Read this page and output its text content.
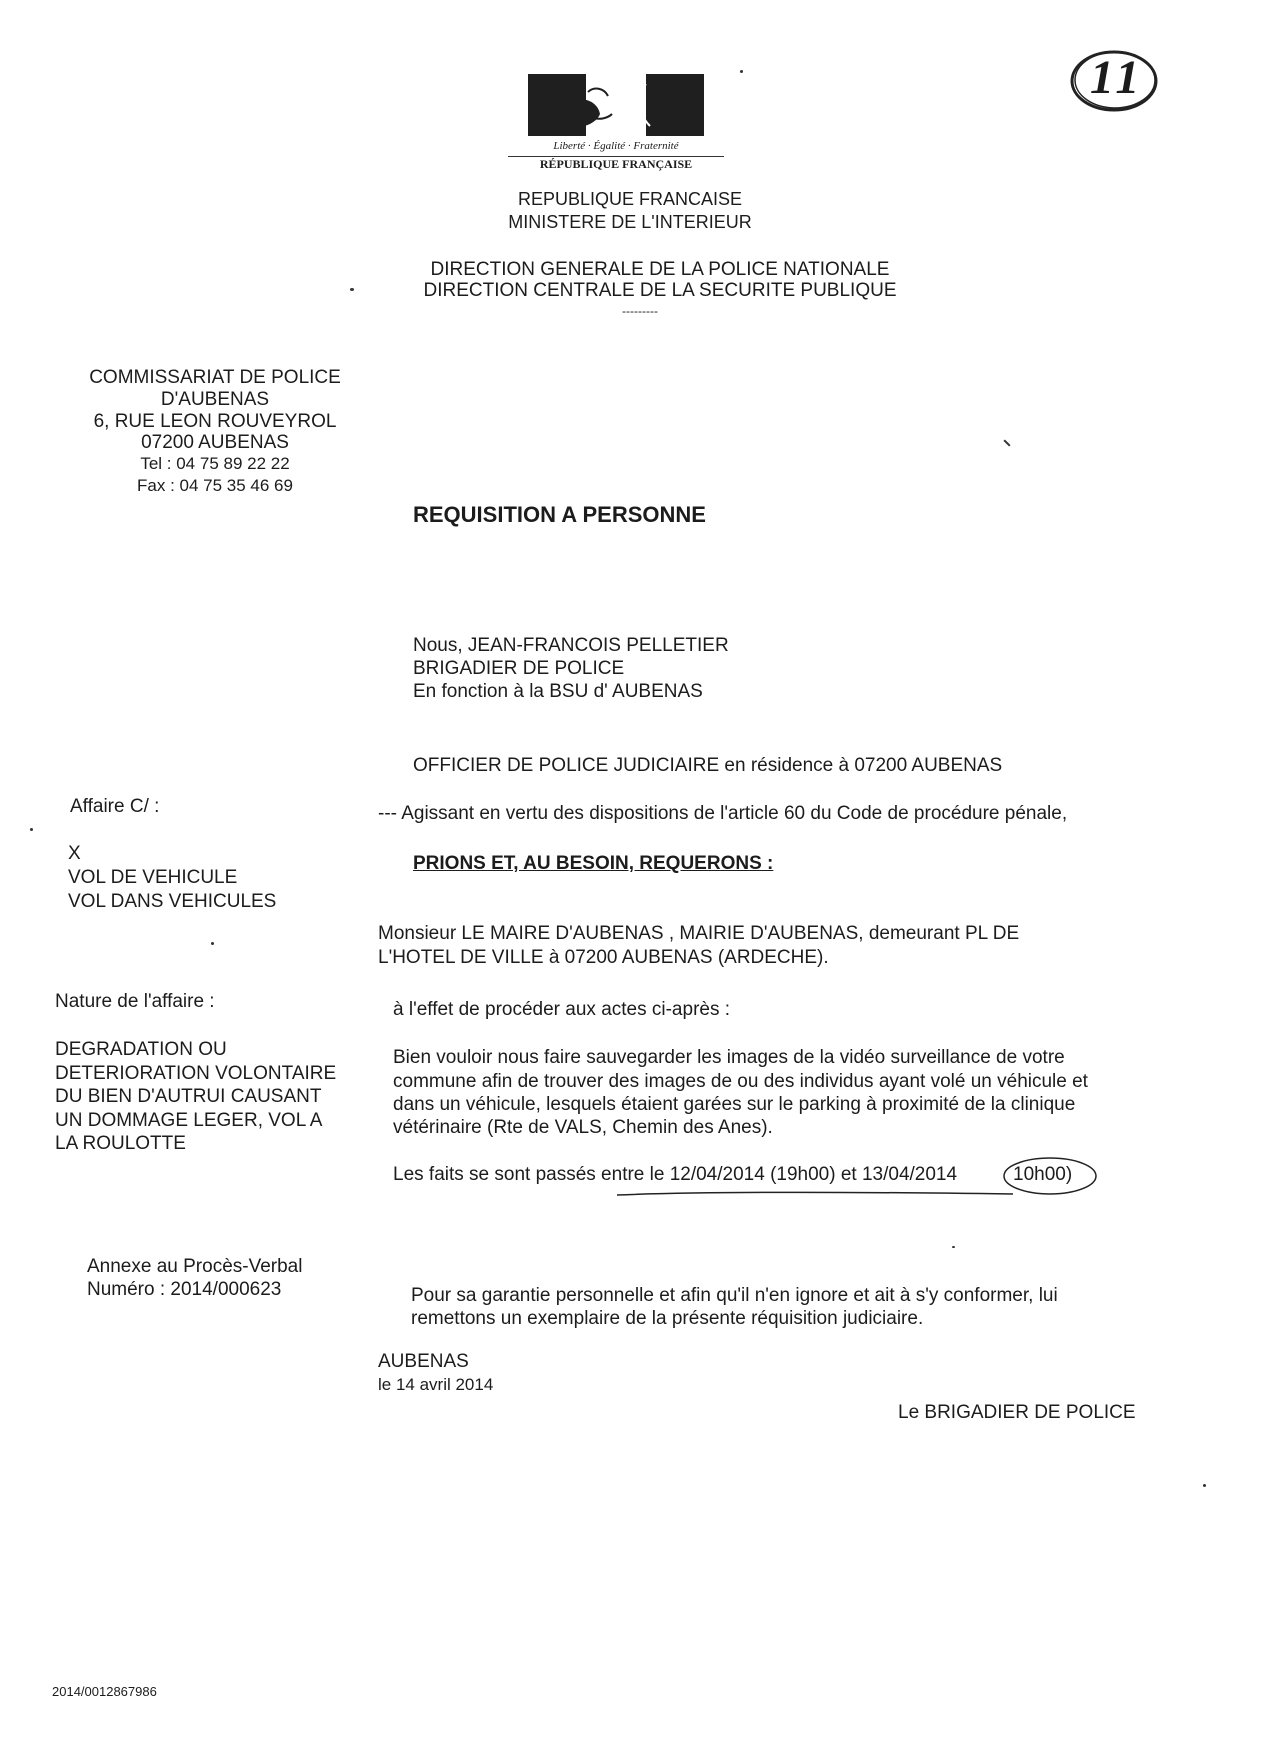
Liberté · Égalité · Fraternité
RÉPUBLIQUE FRANÇAISE
11
REPUBLIQUE FRANCAISE
MINISTERE DE L'INTERIEUR
DIRECTION GENERALE DE LA POLICE NATIONALE
DIRECTION CENTRALE DE LA SECURITE PUBLIQUE
---------
COMMISSARIAT DE POLICE
D'AUBENAS
6, RUE LEON ROUVEYROL
07200 AUBENAS
Tel : 04 75 89 22 22
Fax : 04 75 35 46 69
REQUISITION A PERSONNE
Nous, JEAN-FRANCOIS PELLETIER
BRIGADIER DE POLICE
En fonction à la BSU d' AUBENAS
OFFICIER DE POLICE JUDICIAIRE en résidence à 07200 AUBENAS
Affaire C/ :
X
VOL DE VEHICULE
VOL DANS VEHICULES
Nature de l'affaire :
DEGRADATION OU
DETERIORATION VOLONTAIRE
DU BIEN D'AUTRUI CAUSANT
UN DOMMAGE LEGER, VOL A
LA ROULOTTE
Annexe au Procès-Verbal
Numéro : 2014/000623
--- Agissant en vertu des dispositions de l'article 60 du Code de procédure pénale,
PRIONS ET, AU BESOIN, REQUERONS :
Monsieur LE MAIRE D'AUBENAS , MAIRIE D'AUBENAS, demeurant PL DE
L'HOTEL DE VILLE à 07200 AUBENAS (ARDECHE).
à l'effet de procéder aux actes ci-après :
Bien vouloir nous faire sauvegarder les images de la vidéo surveillance de votre
commune afin de trouver des images de ou des individus ayant volé un véhicule et
dans un véhicule, lesquels étaient garées sur le parking à proximité de la clinique
vétérinaire (Rte de VALS, Chemin des Anes).
Les faits se sont passés entre le 12/04/2014 (19h00) et 13/04/2014	10h00)
Pour sa garantie personnelle et afin qu'il n'en ignore et ait à s'y conformer, lui
remettons un exemplaire de la présente réquisition judiciaire.
AUBENAS
le 14 avril 2014
Le BRIGADIER DE POLICE
2014/0012867986
